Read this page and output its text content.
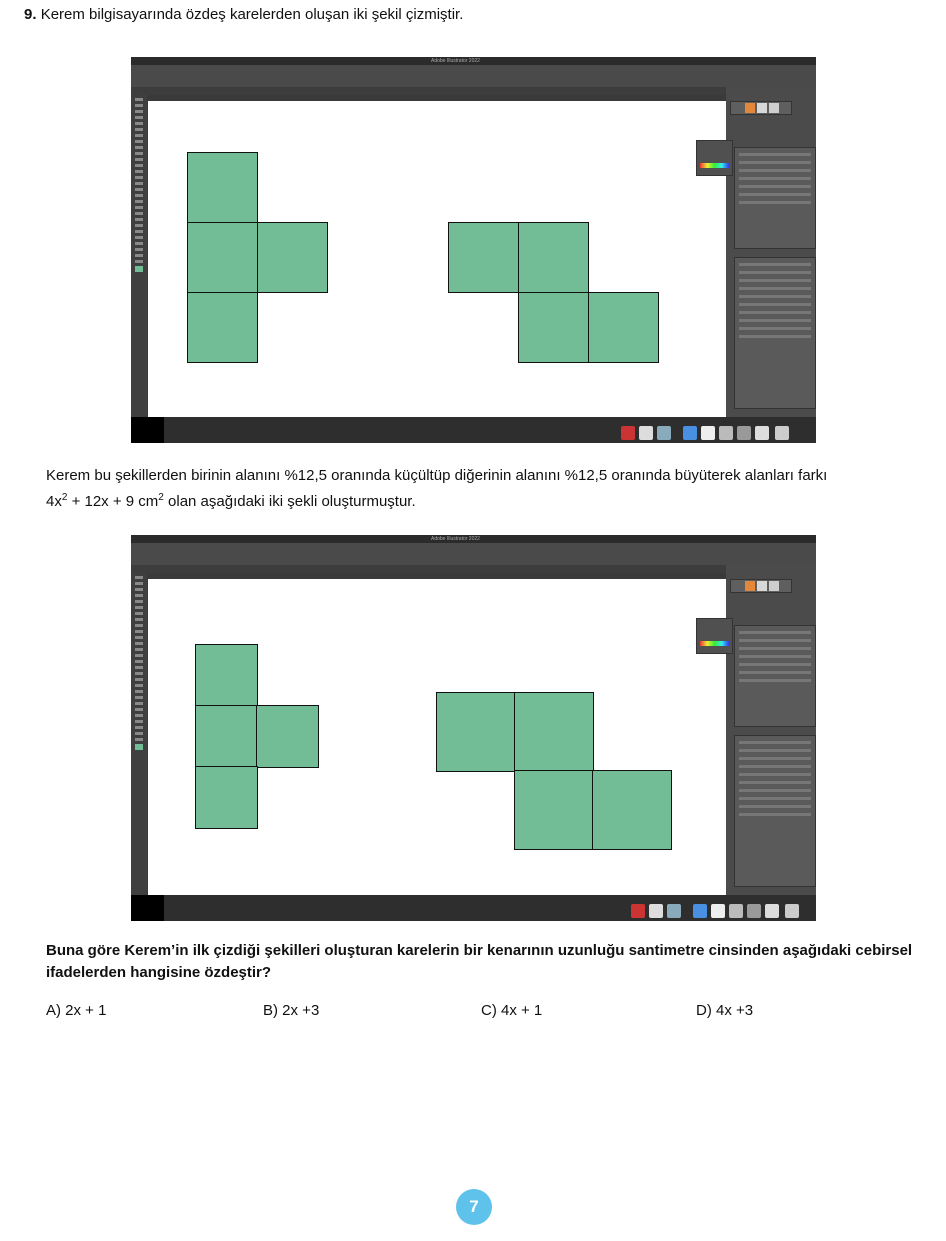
9. Kerem bilgisayarında özdeş karelerden oluşan iki şekil çizmiştir.
Adobe Illustrator 2022
Kerem bu şekillerden birinin alanını %12,5 oranında küçültüp diğerinin alanını %12,5 oranında büyüterek alanları farkı
$4x^2 + 12x + 9$ $cm^2$ olan aşağıdaki iki şekli oluşturmuştur.
Adobe Illustrator 2022
Buna göre Kerem’in ilk çizdiği şekilleri oluşturan karelerin bir kenarının uzunluğu santimetre cinsinden aşağıdaki cebirsel ifadelerden hangisine özdeştir?
A) 2x + 1	B) 2x +3	C) 4x + 1	D) 4x +3
7
